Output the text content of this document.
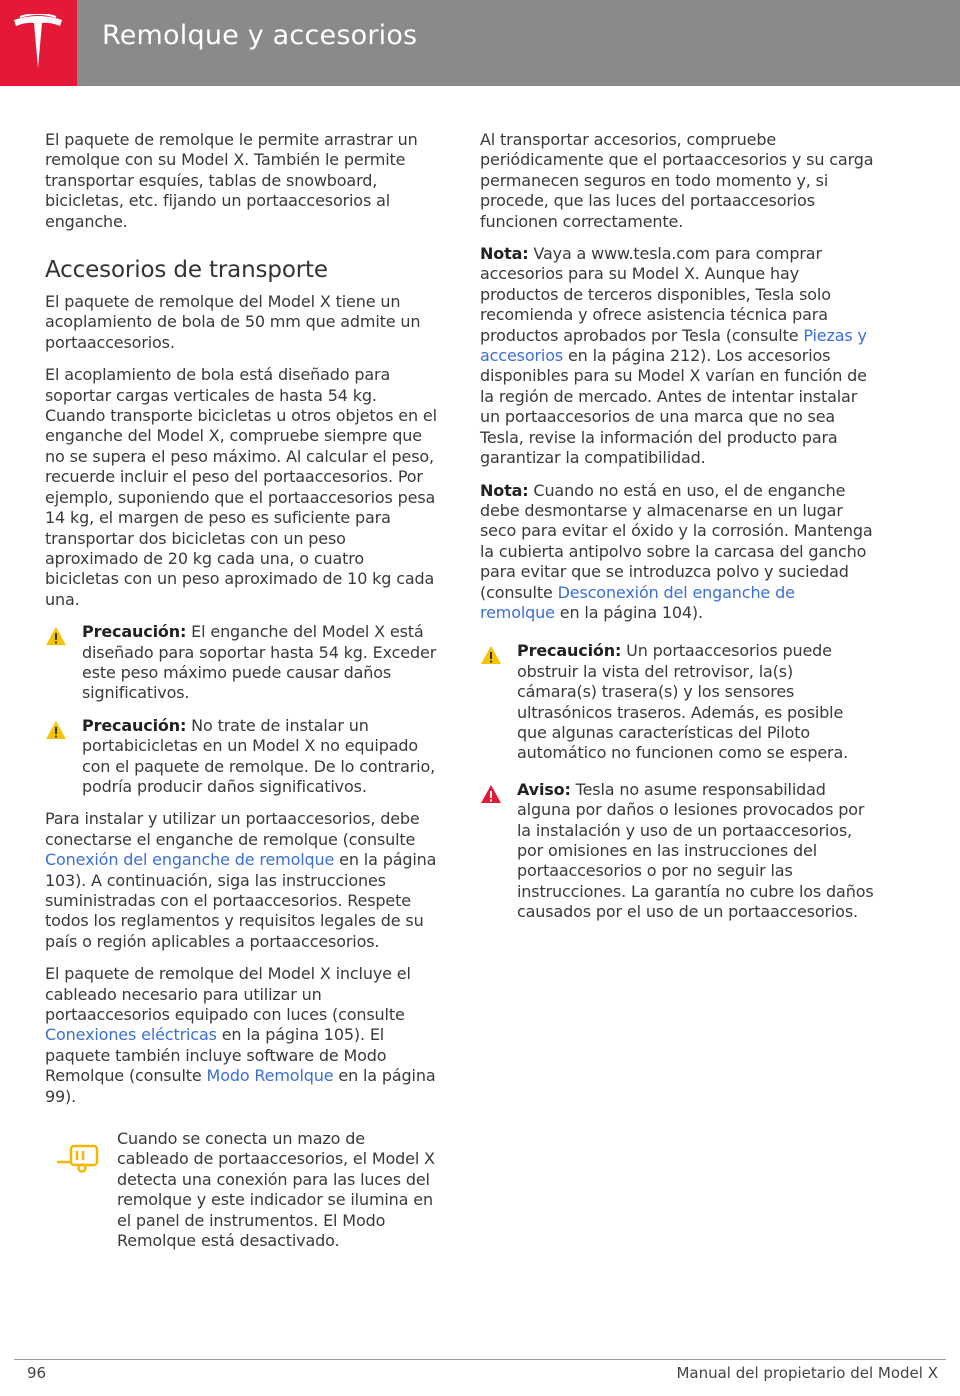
Remolque y accesorios

El paquete de remolque le permite arrastrar un remolque con su Model X. También le permite transportar esquíes, tablas de snowboard, bicicletas, etc. fijando un portaaccesorios al enganche.

Accesorios de transporte

El paquete de remolque del Model X tiene un acoplamiento de bola de 50 mm que admite un portaaccesorios.

El acoplamiento de bola está diseñado para soportar cargas verticales de hasta 54 kg. Cuando transporte bicicletas u otros objetos en el enganche del Model X, compruebe siempre que no se supera el peso máximo. Al calcular el peso, recuerde incluir el peso del portaaccesorios. Por ejemplo, suponiendo que el portaaccesorios pesa 14 kg, el margen de peso es suficiente para transportar dos bicicletas con un peso aproximado de 20 kg cada una, o cuatro bicicletas con un peso aproximado de 10 kg cada una.

Precaución: El enganche del Model X está diseñado para soportar hasta 54 kg. Exceder este peso máximo puede causar daños significativos.
Precaución: No trate de instalar un portabicicletas en un Model X no equipado con el paquete de remolque. De lo contrario, podría producir daños significativos.

Para instalar y utilizar un portaaccesorios, debe conectarse el enganche de remolque (consulte Conexión del enganche de remolque en la página 103). A continuación, siga las instrucciones suministradas con el portaaccesorios. Respete todos los reglamentos y requisitos legales de su país o región aplicables a portaaccesorios.

El paquete de remolque del Model X incluye el cableado necesario para utilizar un portaaccesorios equipado con luces (consulte Conexiones eléctricas en la página 105). El paquete también incluye software de Modo Remolque (consulte Modo Remolque en la página 99).

Cuando se conecta un mazo de cableado de portaaccesorios, el Model X detecta una conexión para las luces del remolque y este indicador se ilumina en el panel de instrumentos. El Modo Remolque está desactivado.

Al transportar accesorios, compruebe periódicamente que el portaaccesorios y su carga permanecen seguros en todo momento y, si procede, que las luces del portaaccesorios funcionen correctamente.

Nota: Vaya a www.tesla.com para comprar accesorios para su Model X. Aunque hay productos de terceros disponibles, Tesla solo recomienda y ofrece asistencia técnica para productos aprobados por Tesla (consulte Piezas y accesorios en la página 212). Los accesorios disponibles para su Model X varían en función de la región de mercado. Antes de intentar instalar un portaaccesorios de una marca que no sea Tesla, revise la información del producto para garantizar la compatibilidad.

Nota: Cuando no está en uso, el de enganche debe desmontarse y almacenarse en un lugar seco para evitar el óxido y la corrosión. Mantenga la cubierta antipolvo sobre la carcasa del gancho para evitar que se introduzca polvo y suciedad (consulte Desconexión del enganche de remolque en la página 104).

Precaución: Un portaaccesorios puede obstruir la vista del retrovisor, la(s) cámara(s) trasera(s) y los sensores ultrasónicos traseros. Además, es posible que algunas características del Piloto automático no funcionen como se espera.
Aviso: Tesla no asume responsabilidad alguna por daños o lesiones provocados por la instalación y uso de un portaaccesorios, por omisiones en las instrucciones del portaaccesorios o por no seguir las instrucciones. La garantía no cubre los daños causados por el uso de un portaaccesorios.
96	Manual del propietario del Model X
